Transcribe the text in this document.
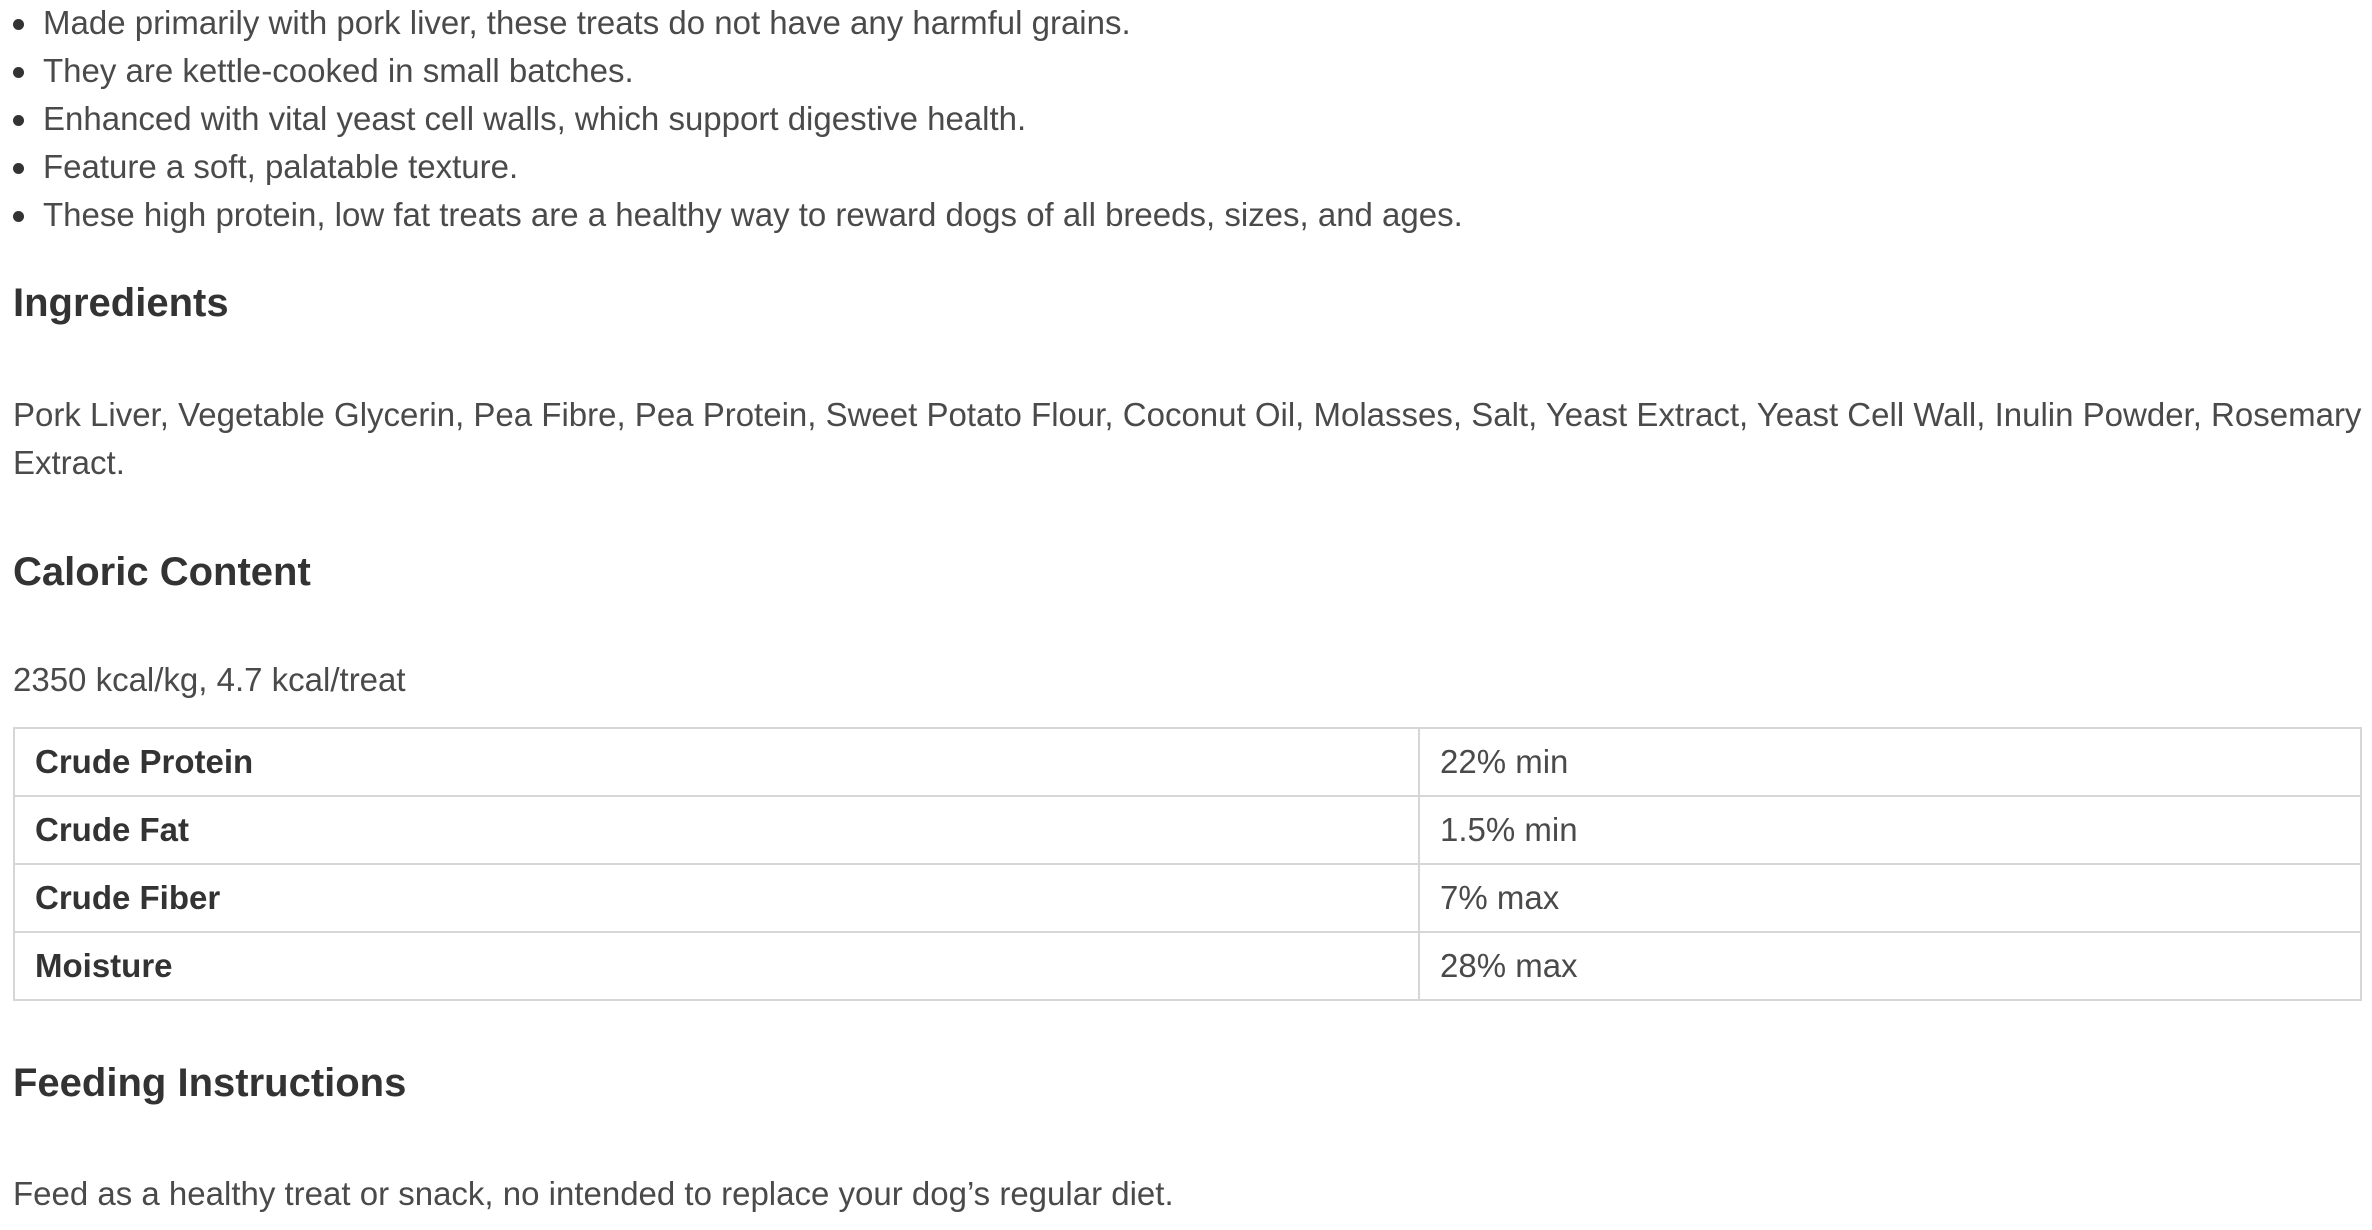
Made primarily with pork liver, these treats do not have any harmful grains.
They are kettle-cooked in small batches.
Enhanced with vital yeast cell walls, which support digestive health.
Feature a soft, palatable texture.
These high protein, low fat treats are a healthy way to reward dogs of all breeds, sizes, and ages.
Ingredients

Pork Liver, Vegetable Glycerin, Pea Fibre, Pea Protein, Sweet Potato Flour, Coconut Oil, Molasses, Salt, Yeast Extract, Yeast Cell Wall, Inulin Powder, Rosemary Extract.

Caloric Content

2350 kcal/kg, 4.7 kcal/treat

Crude Protein	22% min
Crude Fat	1.5% min
Crude Fiber	7% max
Moisture	28% max
Feeding Instructions

Feed as a healthy treat or snack, no intended to replace your dog’s regular diet.
